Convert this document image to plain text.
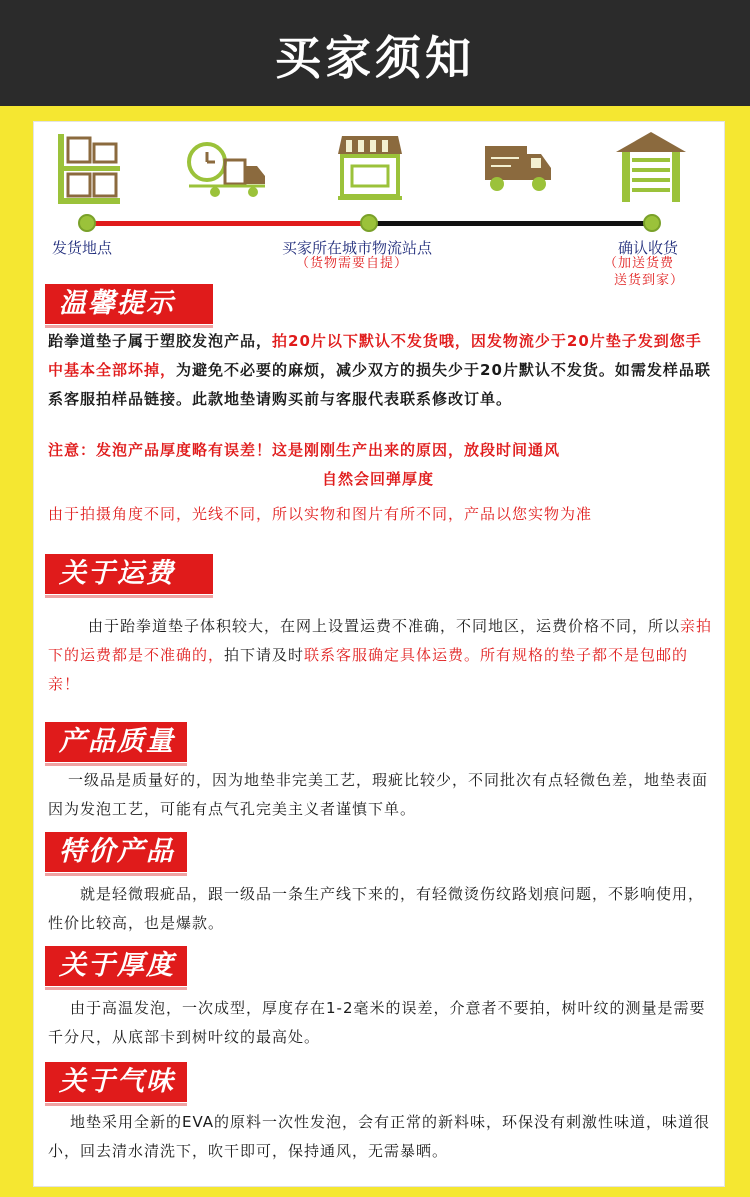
买家须知
发货地点	买家所在城市物流站点
（货物需要自提）
确认收货
（加送货费
送货到家）
温馨提示
跆拳道垫子属于塑胶发泡产品，拍20片以下默认不发货哦，因发物流少于20片垫子发到您手中基本全部坏掉，为避免不必要的麻烦，减少双方的损失少于20片默认不发货。如需发样品联系客服拍样品链接。此款地垫请购买前与客服代表联系修改订单。
注意：发泡产品厚度略有误差！这是刚刚生产出来的原因，放段时间通风
自然会回弹厚度
由于拍摄角度不同，光线不同，所以实物和图片有所不同，产品以您实物为准
关于运费
由于跆拳道垫子体积较大，在网上设置运费不准确，不同地区，运费价格不同，所以亲拍下的运费都是不准确的，拍下请及时联系客服确定具体运费。所有规格的垫子都不是包邮的亲！
产品质量
一级品是质量好的，因为地垫非完美工艺，瑕疵比较少，不同批次有点轻微色差，地垫表面因为发泡工艺，可能有点气孔完美主义者谨慎下单。
特价产品
就是轻微瑕疵品，跟一级品一条生产线下来的，有轻微烫伤纹路划痕问题，不影响使用，性价比较高，也是爆款。
关于厚度
由于高温发泡，一次成型，厚度存在1-2毫米的误差，介意者不要拍，树叶纹的测量是需要千分尺，从底部卡到树叶纹的最高处。
关于气味
地垫采用全新的EVA的原料一次性发泡，会有正常的新料味，环保没有刺激性味道，味道很小，回去清水清洗下，吹干即可，保持通风，无需暴晒。
